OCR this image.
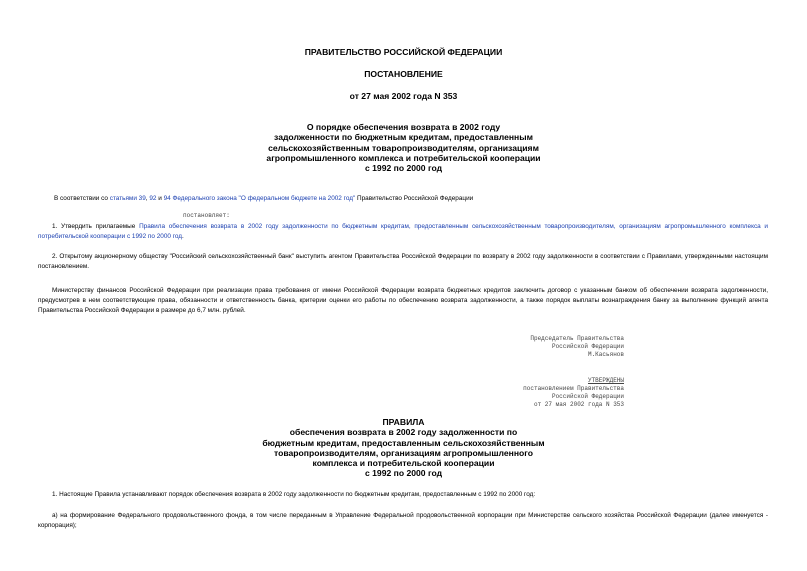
ПРАВИТЕЛЬСТВО РОССИЙСКОЙ ФЕДЕРАЦИИ
ПОСТАНОВЛЕНИЕ
от 27 мая 2002 года N 353
О порядке обеспечения возврата в 2002 году
задолженности по бюджетным кредитам, предоставленным
сельскохозяйственным товаропроизводителям, организациям
агропромышленного комплекса и потребительской кооперации
с 1992 по 2000 год
В соответствии со статьями 39, 92 и 94 Федерального закона "О федеральном бюджете на 2002 год" Правительство Российской Федерации
постановляет:
1. Утвердить прилагаемые Правила обеспечения возврата в 2002 году задолженности по бюджетным кредитам, предоставленным сельскохозяйственным товаропроизводителям, организациям агропромышленного комплекса и потребительской кооперации с 1992 по 2000 год.
2. Открытому акционерному обществу "Российский сельскохозяйственный банк" выступить агентом Правительства Российской Федерации по возврату в 2002 году задолженности в соответствии с Правилами, утвержденными настоящим постановлением.
Министерству финансов Российской Федерации при реализации права требования от имени Российской Федерации возврата бюджетных кредитов заключить договор с указанным банком об обеспечении возврата задолженности, предусмотрев в нем соответствующие права, обязанности и ответственность банка, критерии оценки его работы по обеспечению возврата задолженности, а также порядок выплаты вознаграждения банку за выполнение функций агента Правительства Российской Федерации в размере до 6,7 млн. рублей.
Председатель Правительства
Российской Федерации
М.Касьянов
УТВЕРЖДЕНЫ
постановлением Правительства
Российской Федерации
от 27 мая 2002 года N 353
ПРАВИЛА
обеспечения возврата в 2002 году задолженности по
бюджетным кредитам, предоставленным сельскохозяйственным
товаропроизводителям, организациям агропромышленного
комплекса и потребительской кооперации
с 1992 по 2000 год
1. Настоящие Правила устанавливают порядок обеспечения возврата в 2002 году задолженности по бюджетным кредитам, предоставленным с 1992 по 2000 год:
а) на формирование Федерального продовольственного фонда, в том числе переданным в Управление Федеральной продовольственной корпорации при Министерстве сельского хозяйства Российской Федерации (далее именуется - корпорация);
